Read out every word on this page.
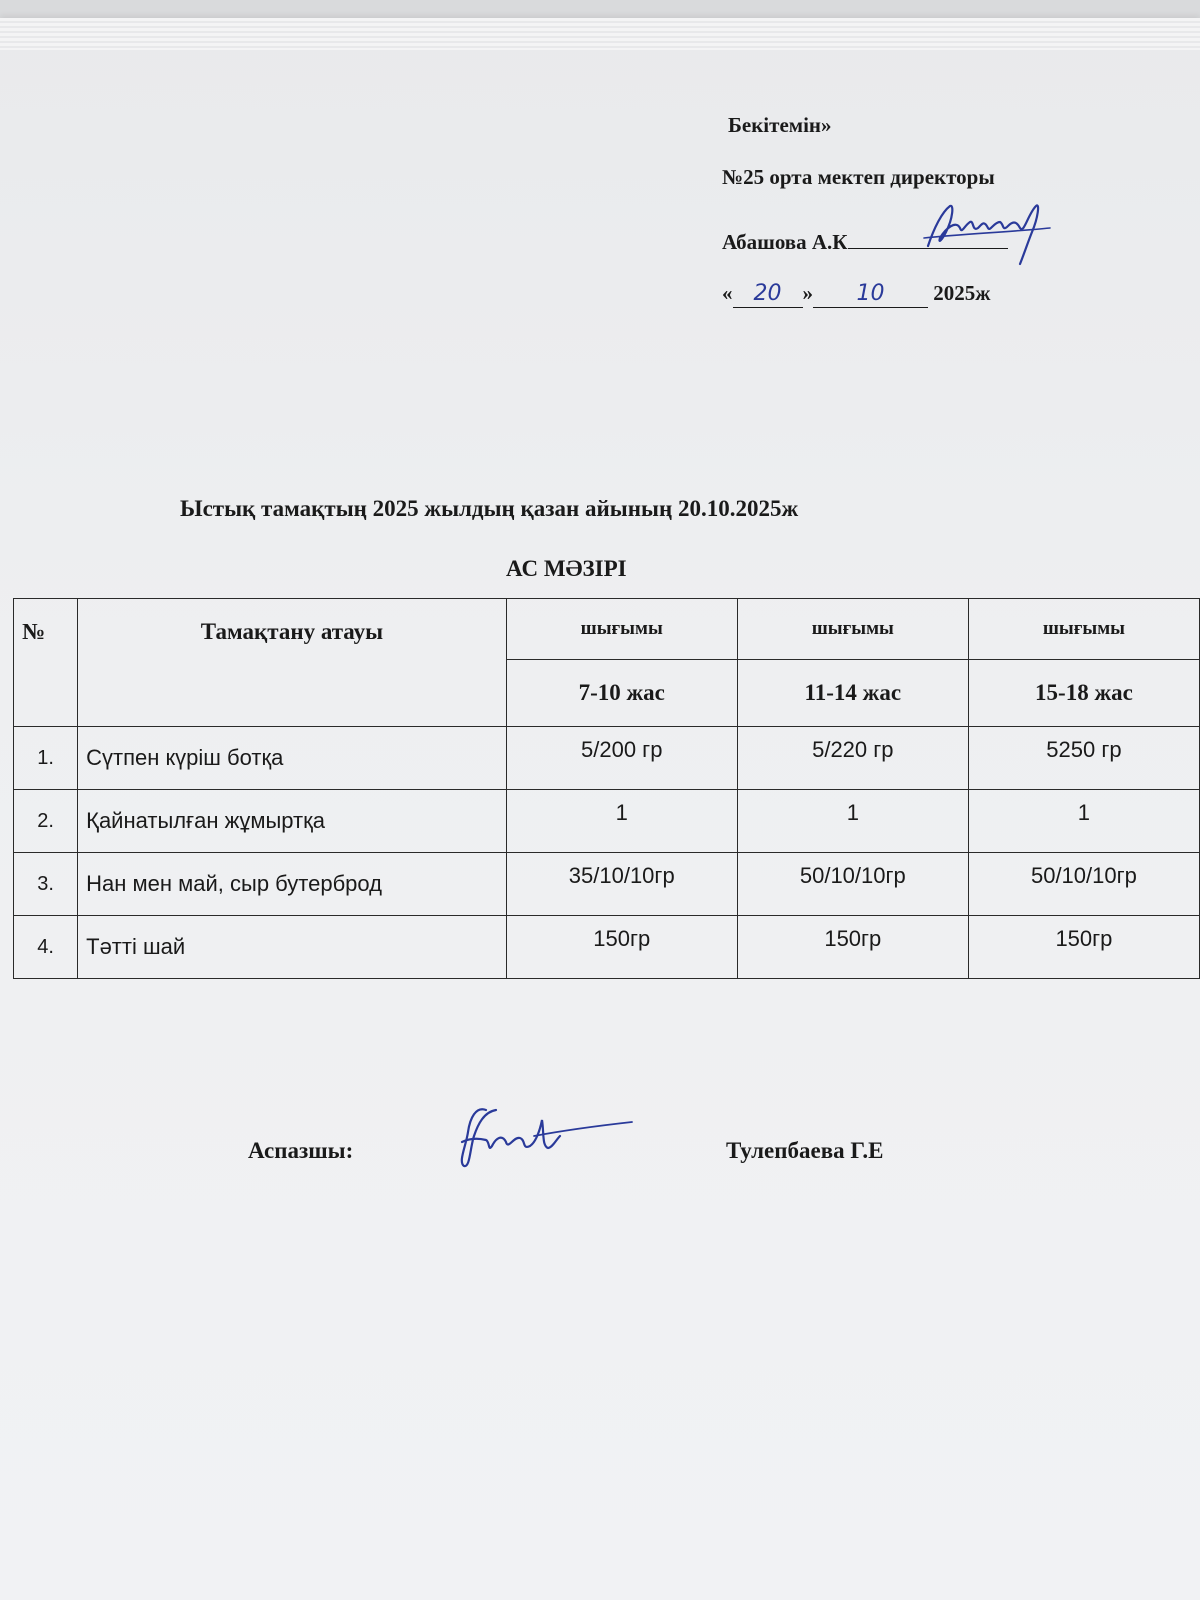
Бекітемін»
№25 орта мектеп директоры
Абашова А.К
« 20 » 10 2025ж
Ыстық тамақтың 2025 жылдың қазан айының 20.10.2025ж
АС МӘЗІРІ
№	Тамақтану атауы	шығымы	шығымы	шығымы
		7-10 жас	11-14 жас	15-18 жас
1.	Сүтпен күріш ботқа	5/200 гр	5/220 гр	5250 гр
2.	Қайнатылған жұмыртқа	1	1	1
3.	Нан мен май, сыр бутерброд	35/10/10гр	50/10/10гр	50/10/10гр
4.	Тәтті шай	150гр	150гр	150гр
Аспазшы:	Тулепбаева Г.Е
